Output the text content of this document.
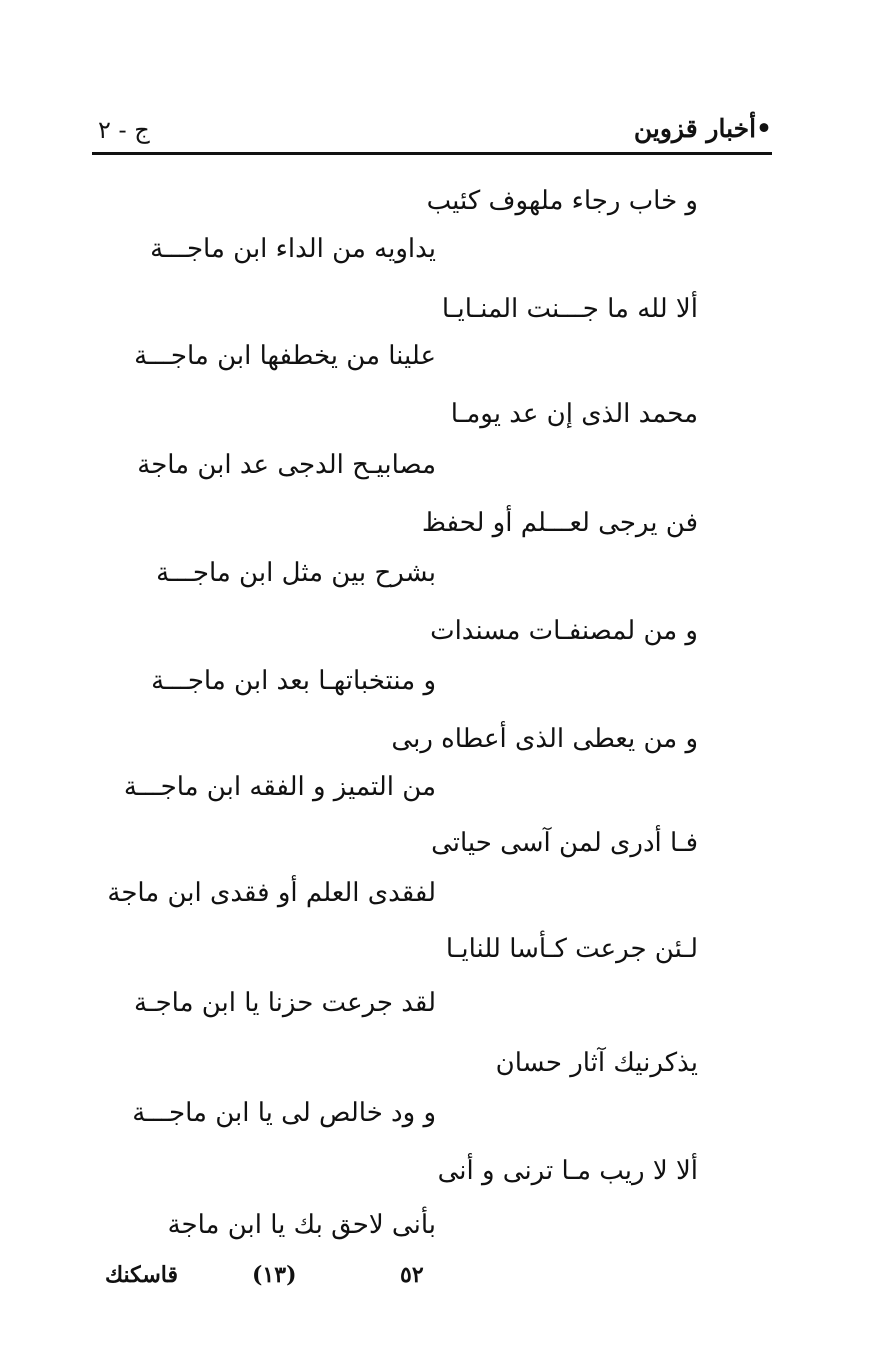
•أخبار قزوين
ج - ٢
و خاب رجاء ملهوف كئيب
يداويه من الداء ابن ماجـــة
ألا لله ما جـــنت المنـايـا
علينا من يخطفها ابن ماجـــة
محمد الذى إن عد يومـا
مصابيـح الدجى عد ابن ماجة
فن يرجى لعـــلم أو لحفظ
بشرح بين مثل ابن ماجـــة
و من لمصنفـات مسندات
و منتخباتهـا بعد ابن ماجـــة
و من يعطى الذى أعطاه ربى
من التميز و الفقه ابن ماجـــة
فـا أدرى لمن آسى حياتى
لفقدى العلم أو فقدى ابن ماجة
لـئن جرعت كـأسا للنايـا
لقد جرعت حزنا يا ابن ماجـة
يذكرنيك آثار حسان
و ود خالص لى يا ابن ماجـــة
ألا لا ريب مـا ترنى و أنى
بأنى لاحق بك يا ابن ماجة
قاسكنك	(١٣)	٥٢
